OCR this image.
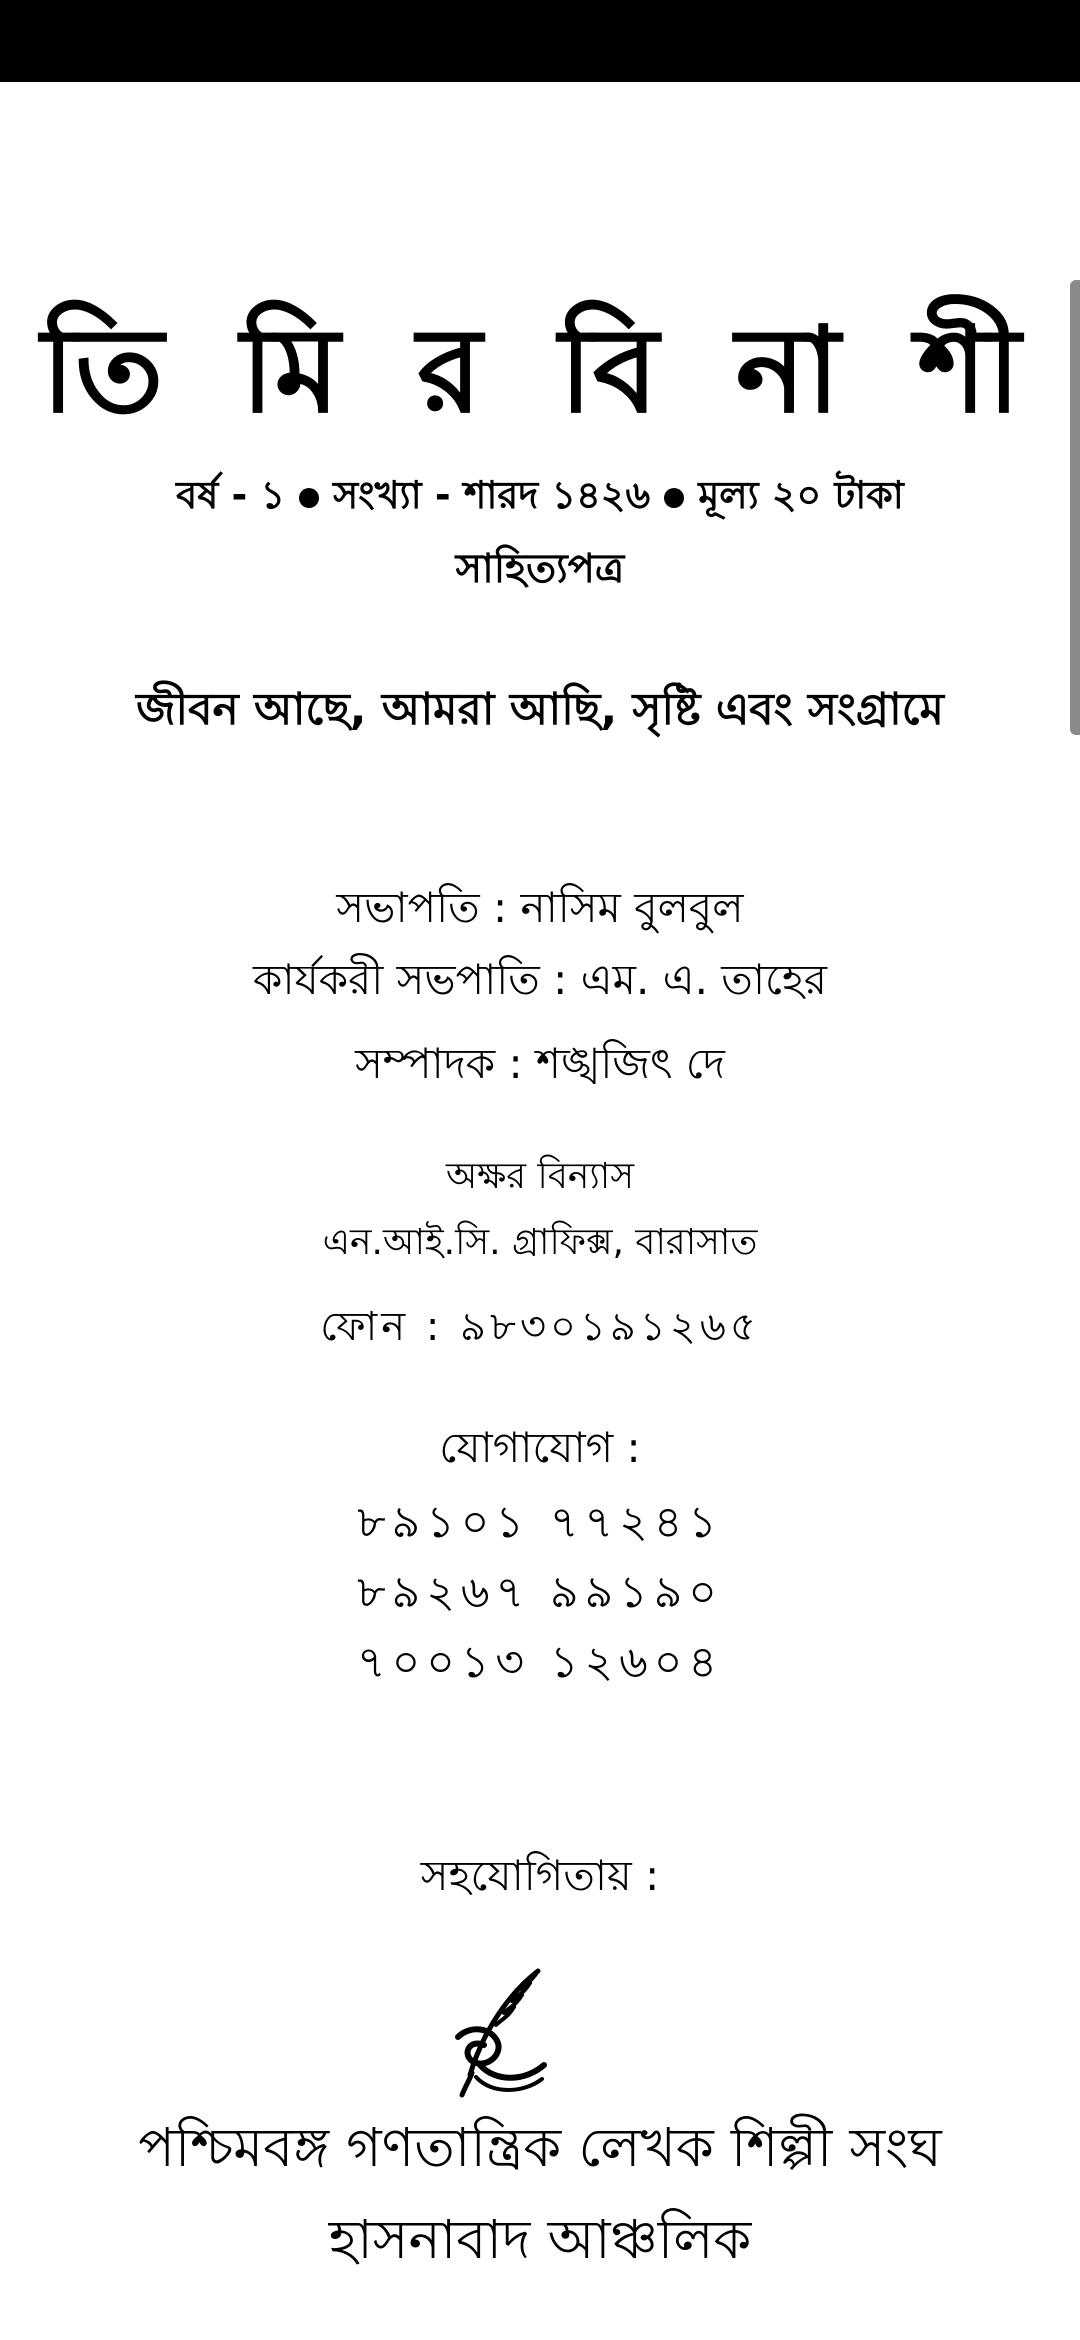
তি মি র বি না শী
বর্ষ - ১ সংখ্যা - শারদ ১৪২৬ মূল্য ২০ টাকা
সাহিত্যপত্র
জীবন আছে, আমরা আছি, সৃষ্টি এবং সংগ্রামে
সভাপতি : নাসিম বুলবুল
কার্যকরী সভপাতি : এম. এ. তাহের
সম্পাদক : শঙ্খজিৎ দে
অক্ষর বিন্যাস
এন.আই.সি. গ্রাফিক্স, বারাসাত
ফোন : ৯৮৩০১৯১২৬৫
যোগাযোগ :
৮৯১০১ ৭৭২৪১
৮৯২৬৭ ৯৯১৯০
৭০০১৩ ১২৬০৪
সহযোগিতায় :
পশ্চিমবঙ্গ গণতান্ত্রিক লেখক শিল্পী সংঘ
হাসনাবাদ আঞ্চলিক
